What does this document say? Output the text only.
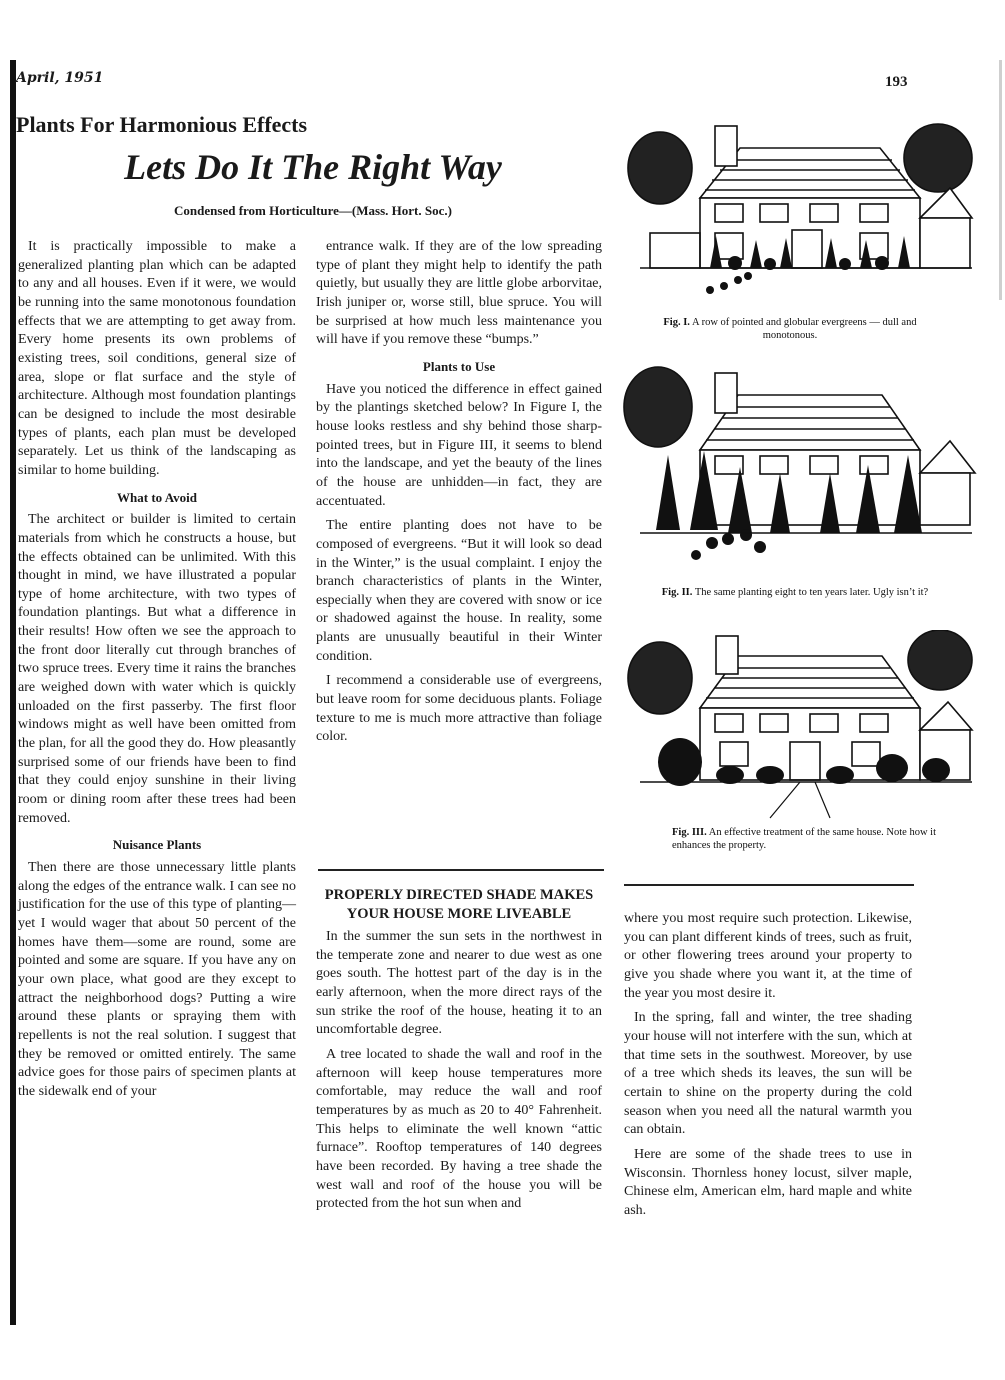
April, 1951	193
Plants For Harmonious Effects
Lets Do It The Right Way
Condensed from Horticulture—(Mass. Hort. Soc.)

It is practically impossible to make a generalized planting plan which can be adapted to any and all houses. Even if it were, we would be running into the same monotonous foundation effects that we are attempting to get away from. Every home presents its own problems of existing trees, soil conditions, general size of area, slope or flat surface and the style of architecture. Although most foundation plantings can be designed to include the most desirable types of plants, each plan must be developed separately. Let us think of the landscaping as similar to home building.

What to Avoid

The architect or builder is limited to certain materials from which he constructs a house, but the effects obtained can be unlimited. With this thought in mind, we have illustrated a popular type of home architecture, with two types of foundation plantings. But what a difference in their results! How often we see the approach to the front door literally cut through branches of two spruce trees. Every time it rains the branches are weighed down with water which is quickly unloaded on the first passerby. The first floor windows might as well have been omitted from the plan, for all the good they do. How pleasantly surprised some of our friends have been to find that they could enjoy sunshine in their living room or dining room after these trees had been removed.

Nuisance Plants

Then there are those unnecessary little plants along the edges of the entrance walk. I can see no justification for the use of this type of planting—yet I would wager that about 50 percent of the homes have them—some are round, some are pointed and some are square. If you have any on your own place, what good are they except to attract the neighborhood dogs? Putting a wire around these plants or spraying them with repellents is not the real solution. I suggest that they be removed or omitted entirely. The same advice goes for those pairs of specimen plants at the sidewalk end of your

entrance walk. If they are of the low spreading type of plant they might help to identify the path quietly, but usually they are little globe arborvitae, Irish juniper or, worse still, blue spruce. You will be surprised at how much less maintenance you will have if you remove these “bumps.”

Plants to Use

Have you noticed the difference in effect gained by the plantings sketched below? In Figure I, the house looks restless and shy behind those sharp-pointed trees, but in Figure III, it seems to blend into the landscape, and yet the beauty of the lines of the house are unhidden—in fact, they are accentuated.

The entire planting does not have to be composed of evergreens. “But it will look so dead in the Winter,” is the usual complaint. I enjoy the branch characteristics of plants in the Winter, especially when they are covered with snow or ice or shadowed against the house. In reality, some plants are unusually beautiful in their Winter condition.

I recommend a considerable use of evergreens, but leave room for some deciduous plants. Foliage texture to me is much more attractive than foliage color.

PROPERLY DIRECTED SHADE MAKES YOUR HOUSE MORE LIVEABLE

In the summer the sun sets in the northwest in the temperate zone and nearer to due west as one goes south. The hottest part of the day is in the early afternoon, when the more direct rays of the sun strike the roof of the house, heating it to an uncomfortable degree.

A tree located to shade the wall and roof in the afternoon will keep house temperatures more comfortable, may reduce the wall and roof temperatures by as much as 20 to 40° Fahrenheit. This helps to eliminate the well known “attic furnace”. Rooftop temperatures of 140 degrees have been recorded. By having a tree shade the west wall and roof of the house you will be protected from the hot sun when and

where you most require such protection. Likewise, you can plant different kinds of trees, such as fruit, or other flowering trees around your property to give you shade where you want it, at the time of the year you most desire it.

In the spring, fall and winter, the tree shading your house will not interfere with the sun, which at that time sets in the southwest. Moreover, by use of a tree which sheds its leaves, the sun will be certain to shine on the property during the cold season when you need all the natural warmth you can obtain.

Here are some of the shade trees to use in Wisconsin. Thornless honey locust, silver maple, Chinese elm, American elm, hard maple and white ash.

Fig. I. A row of pointed and globular evergreens — dull and monotonous.
Fig. II. The same planting eight to ten years later. Ugly isn’t it?
Fig. III. An effective treatment of the same house. Note how it enhances the property.
